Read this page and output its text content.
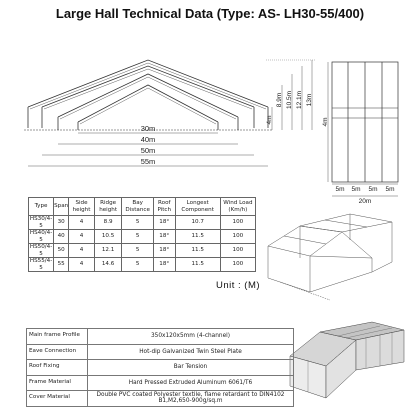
Large Hall Technical Data (Type: AS- LH30-55/400)
30m
40m
50m
55m
4m
8.9m 10.5m 12.1m 13m
4m
5m 5m 5m 5m
20m
Type	Span	Side height	Ridge height	Bay Distance	Roof Pitch	Longest Component	Wind Load (Km/h)
HS30/4-5	30	4	8.9	5	18°	10.7	100
HS40/4-5	40	4	10.5	5	18°	11.5	100
HS50/4-5	50	4	12.1	5	18°	11.5	100
HS55/4-5	55	4	14.6	5	18°	11.5	100
Unit : (M)
Main frame Profile	350x120x5mm (4-channel)
Eave Connection	Hot-dip Galvanized Twin Steel Plate
Roof Fixing	Bar Tension
Frame Material	Hard Pressed Extruded Aluminum 6061/T6
Cover Material	Double PVC coated Polyester textile, flame retardant to DIN4102 B1,M2,650-900g/sq.m
